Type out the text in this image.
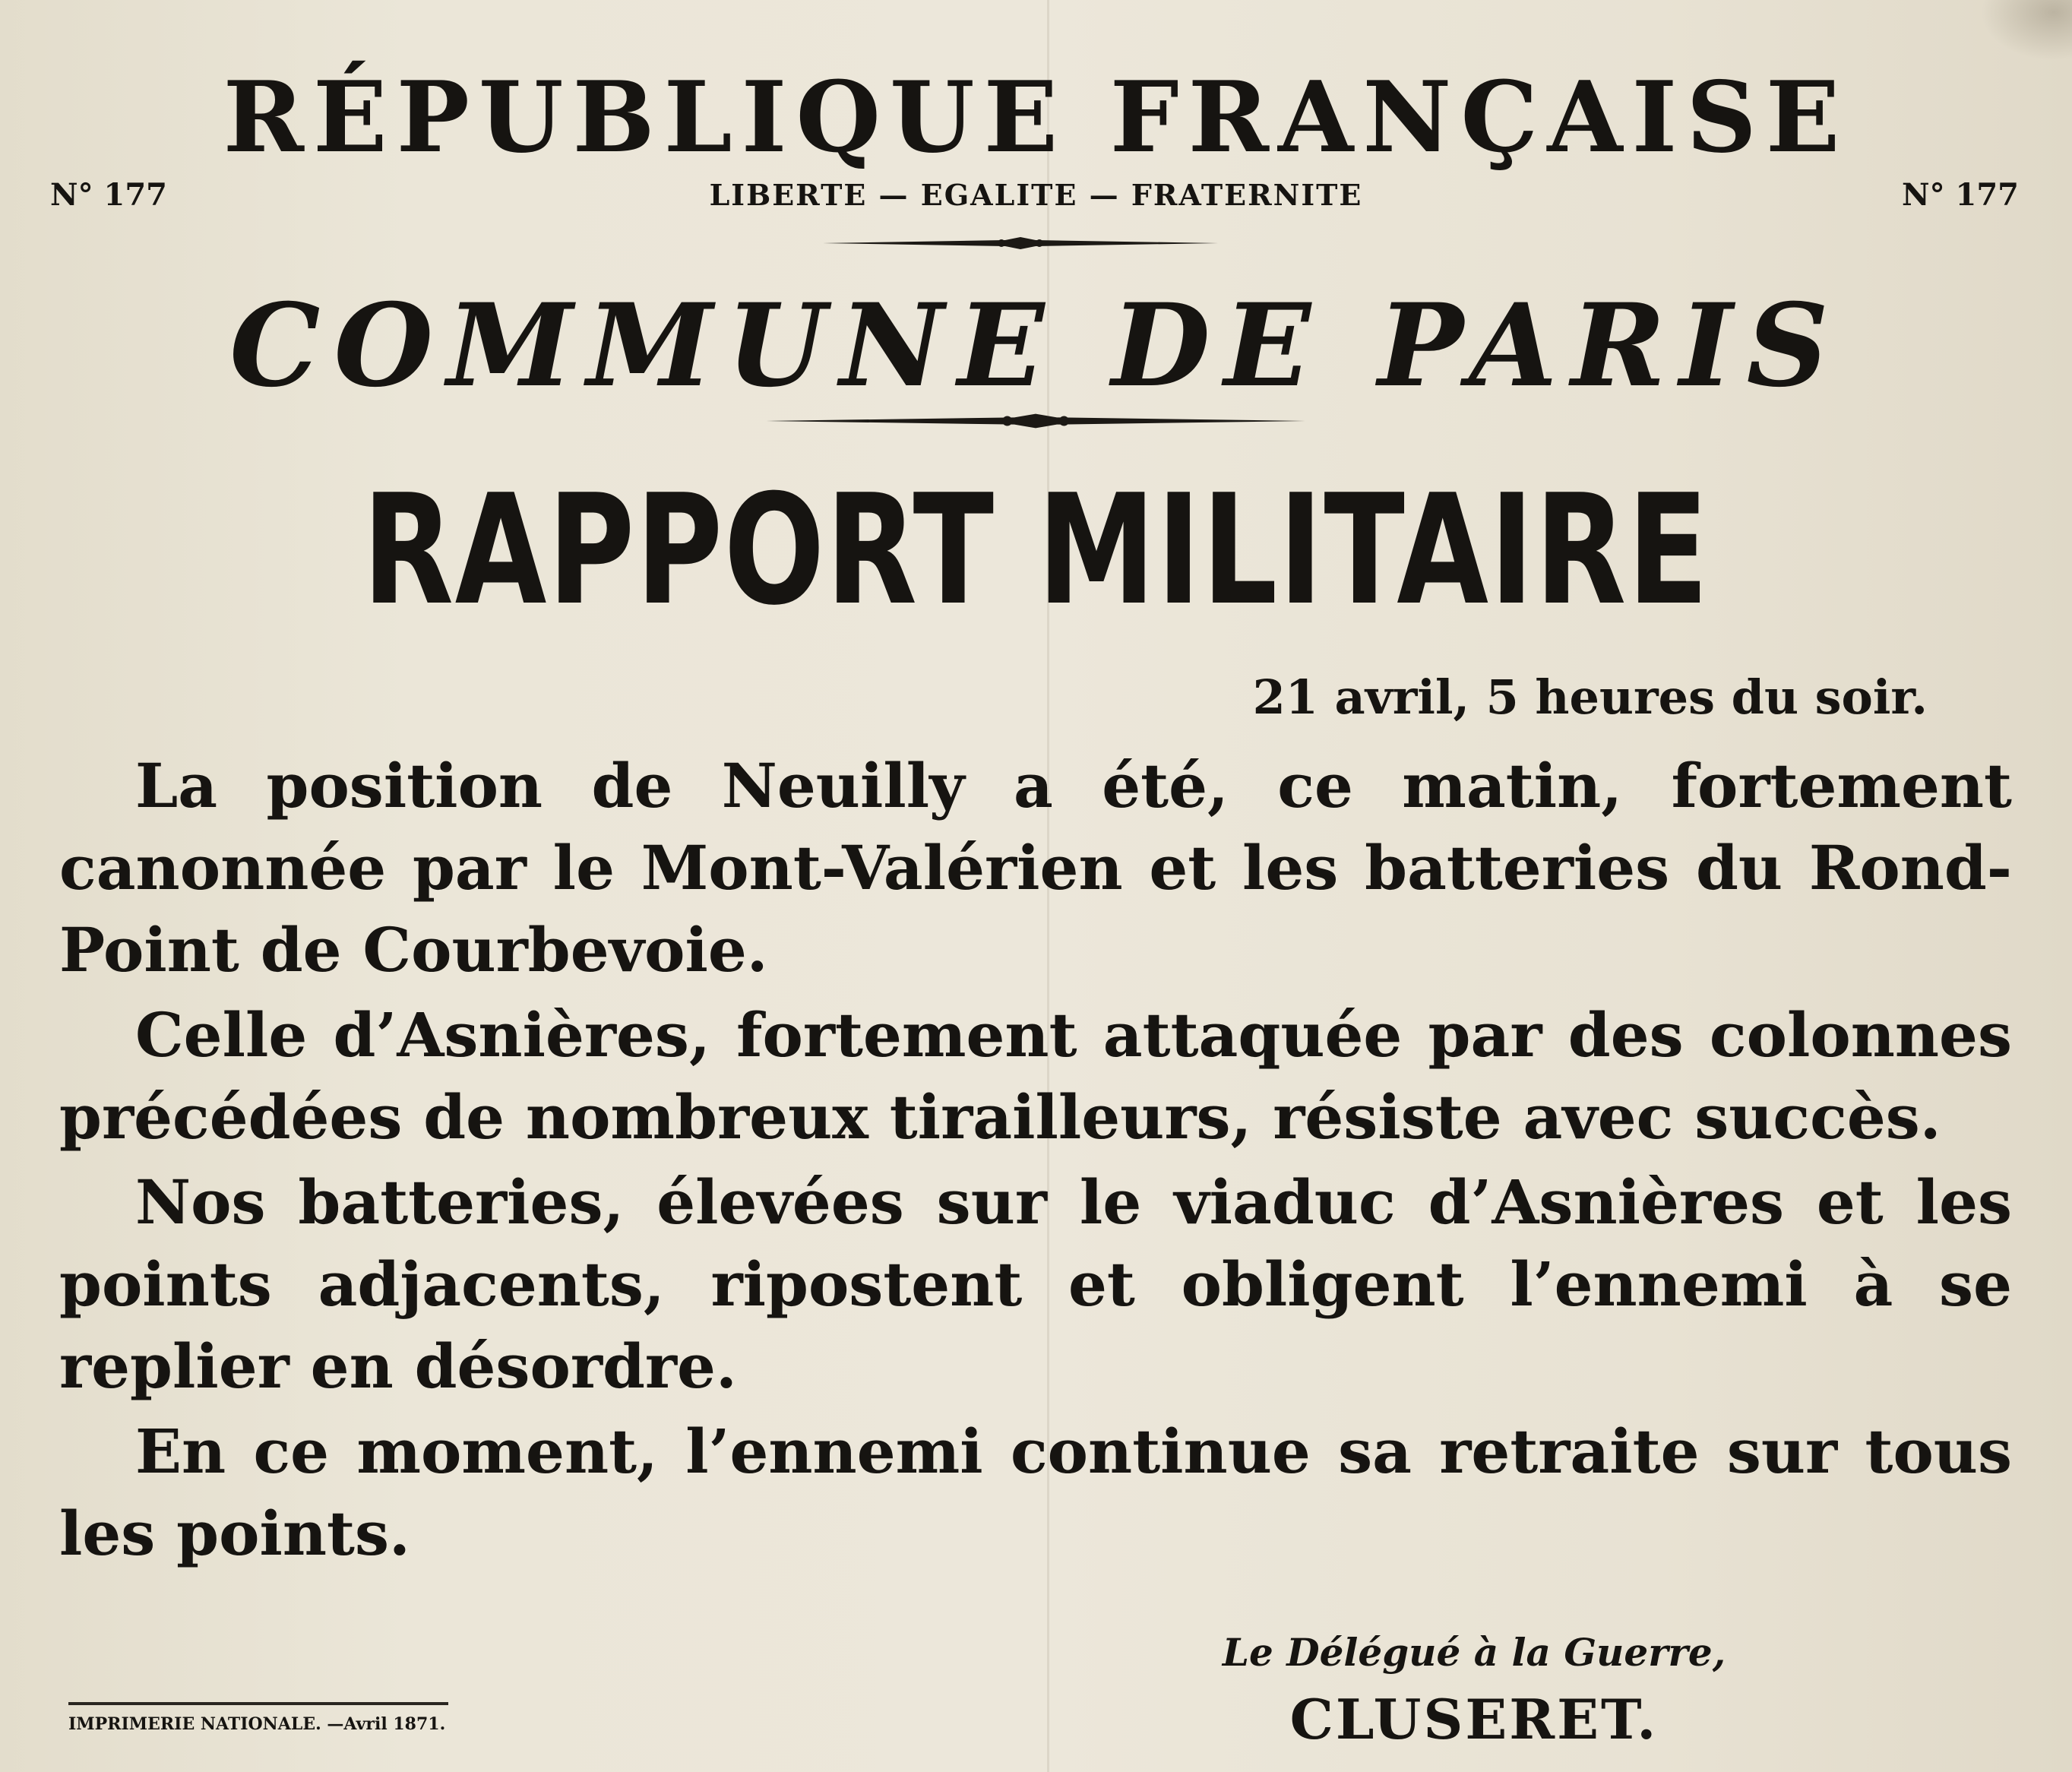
RÉPUBLIQUE FRANÇAISE
N° 177	LIBERTE — EGALITE — FRATERNITE	N° 177
COMMUNE DE PARIS
RAPPORT MILITAIRE
21 avril, 5 heures du soir.

La position de Neuilly a été, ce matin, fortement canonnée par le Mont-Valérien et les batteries du Rond-Point de Courbevoie.

Celle d’Asnières, fortement attaquée par des colonnes précédées de nombreux tirailleurs, résiste avec succès.

Nos batteries, élevées sur le viaduc d’Asnières et les points adjacents, ripostent et obligent l’ennemi à se replier en désordre.

En ce moment, l’ennemi continue sa retraite sur tous les points.

Le Délégué à la Guerre,
CLUSERET.
IMPRIMERIE NATIONALE. —Avril 1871.
